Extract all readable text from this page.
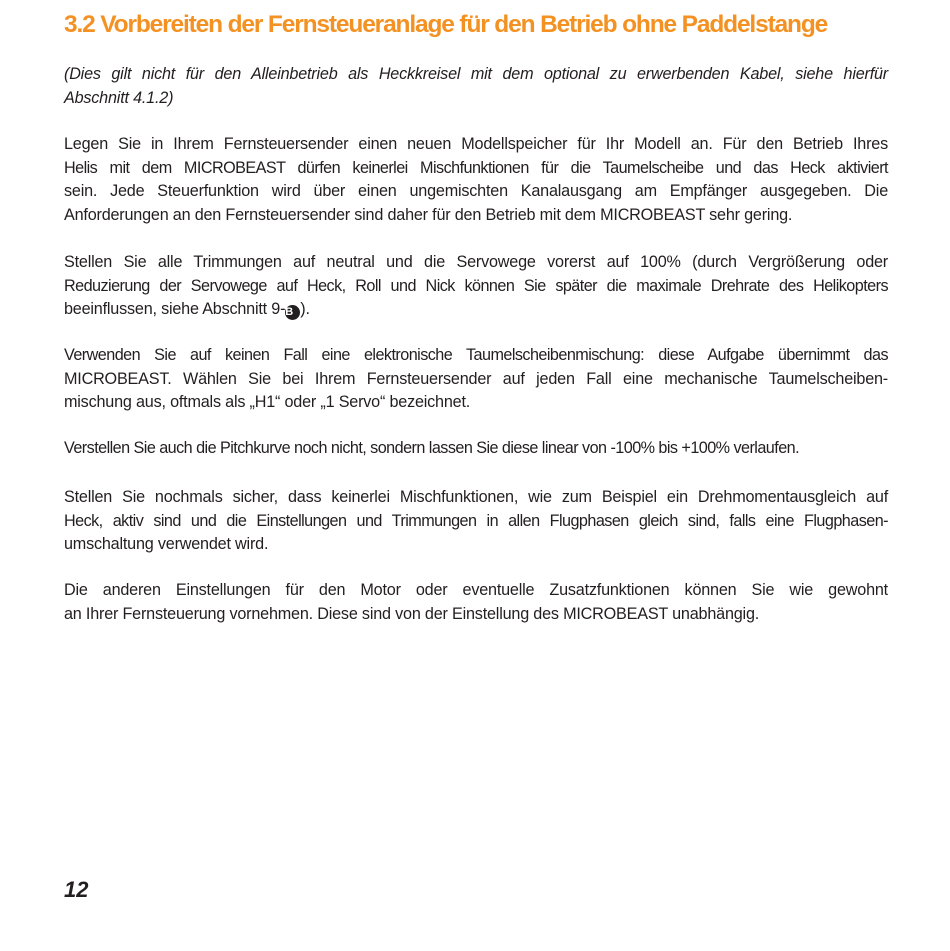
3.2 Vorbereiten der Fernsteueranlage für den Betrieb ohne Paddelstange

(Dies gilt nicht für den Alleinbetrieb als Heckkreisel mit dem optional zu erwerbenden Kabel, siehe hierfür
Abschnitt 4.1.2)

Legen Sie in Ihrem Fernsteuersender einen neuen Modellspeicher für Ihr Modell an. Für den Betrieb Ihres
Helis mit dem MICROBEAST dürfen keinerlei Mischfunktionen für die Taumelscheibe und das Heck aktiviert
sein. Jede Steuerfunktion wird über einen ungemischten Kanalausgang am Empfänger ausgegeben. Die
Anforderungen an den Fernsteuersender sind daher für den Betrieb mit dem MICROBEAST sehr gering.

Stellen Sie alle Trimmungen auf neutral und die Servowege vorerst auf 100% (durch Vergrößerung oder
Reduzierung der Servowege auf Heck, Roll und Nick können Sie später die maximale Drehrate des Helikopters
beeinflussen, siehe Abschnitt 9-B ).

Verwenden Sie auf keinen Fall eine elektronische Taumelscheibenmischung: diese Aufgabe übernimmt das
MICROBEAST. Wählen Sie bei Ihrem Fernsteuersender auf jeden Fall eine mechanische Taumelscheiben-
mischung aus, oftmals als „H1“ oder „1 Servo“ bezeichnet.

Verstellen Sie auch die Pitchkurve noch nicht, sondern lassen Sie diese linear von -100% bis +100% verlaufen.

Stellen Sie nochmals sicher, dass keinerlei Mischfunktionen, wie zum Beispiel ein Drehmomentausgleich auf
Heck, aktiv sind und die Einstellungen und Trimmungen in allen Flugphasen gleich sind, falls eine Flugphasen-
umschaltung verwendet wird.

Die anderen Einstellungen für den Motor oder eventuelle Zusatzfunktionen können Sie wie gewohnt
an Ihrer Fernsteuerung vornehmen. Diese sind von der Einstellung des MICROBEAST unabhängig.

12
